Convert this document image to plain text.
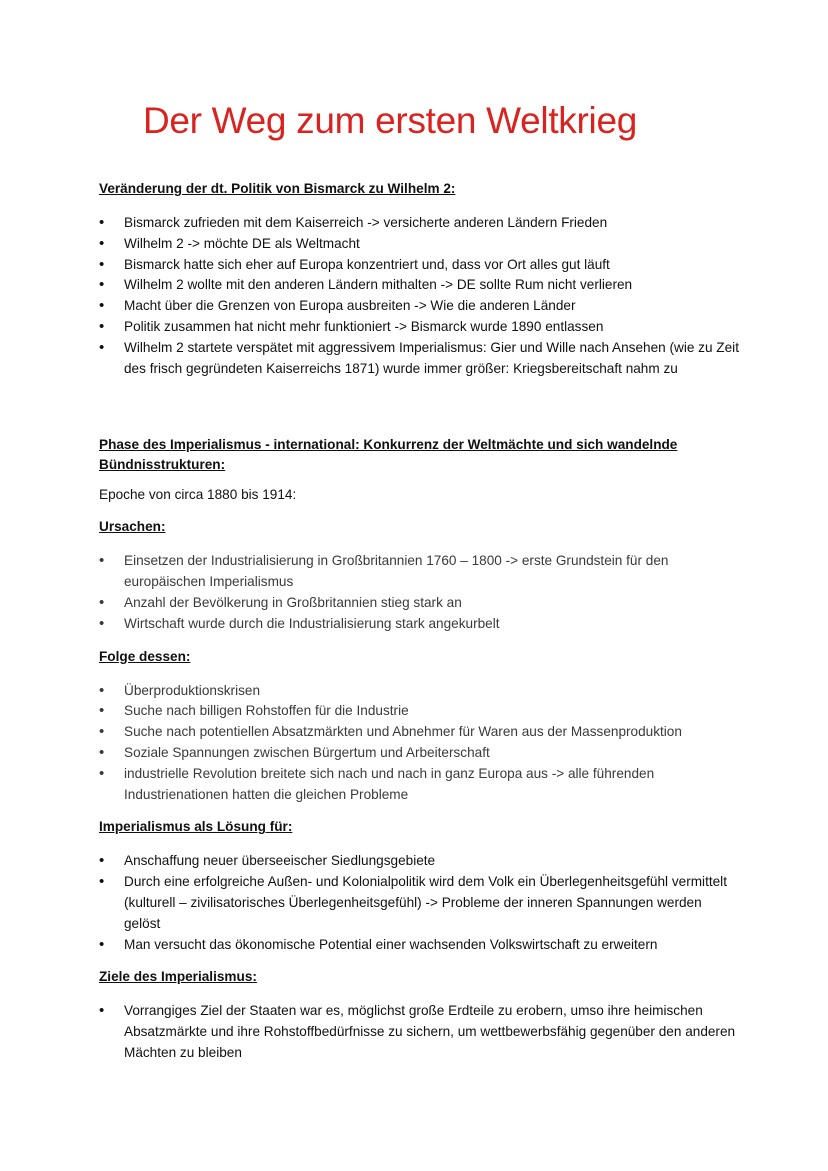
Der Weg zum ersten Weltkrieg
Veränderung der dt. Politik von Bismarck zu Wilhelm 2:
• Bismarck zufrieden mit dem Kaiserreich -> versicherte anderen Ländern Frieden
• Wilhelm 2 -> möchte DE als Weltmacht
• Bismarck hatte sich eher auf Europa konzentriert und, dass vor Ort alles gut läuft
• Wilhelm 2 wollte mit den anderen Ländern mithalten -> DE sollte Rum nicht verlieren
• Macht über die Grenzen von Europa ausbreiten -> Wie die anderen Länder
• Politik zusammen hat nicht mehr funktioniert -> Bismarck wurde 1890 entlassen
• Wilhelm 2 startete verspätet mit aggressivem Imperialismus: Gier und Wille nach Ansehen (wie zu Zeit des frisch gegründeten Kaiserreichs 1871) wurde immer größer: Kriegsbereitschaft nahm zu
Phase des Imperialismus - international: Konkurrenz der Weltmächte und sich wandelnde Bündnisstrukturen:
Epoche von circa 1880 bis 1914:
Ursachen:
• Einsetzen der Industrialisierung in Großbritannien 1760 – 1800 -> erste Grundstein für den europäischen Imperialismus
• Anzahl der Bevölkerung in Großbritannien stieg stark an
• Wirtschaft wurde durch die Industrialisierung stark angekurbelt
Folge dessen:
• Überproduktionskrisen
• Suche nach billigen Rohstoffen für die Industrie
• Suche nach potentiellen Absatzmärkten und Abnehmer für Waren aus der Massenproduktion
• Soziale Spannungen zwischen Bürgertum und Arbeiterschaft
• industrielle Revolution breitete sich nach und nach in ganz Europa aus -> alle führenden Industrienationen hatten die gleichen Probleme
Imperialismus als Lösung für:
• Anschaffung neuer überseeischer Siedlungsgebiete
• Durch eine erfolgreiche Außen- und Kolonialpolitik wird dem Volk ein Überlegenheitsgefühl vermittelt (kulturell – zivilisatorisches Überlegenheitsgefühl) -> Probleme der inneren Spannungen werden gelöst
• Man versucht das ökonomische Potential einer wachsenden Volkswirtschaft zu erweitern
Ziele des Imperialismus:
• Vorrangiges Ziel der Staaten war es, möglichst große Erdteile zu erobern, umso ihre heimischen Absatzmärkte und ihre Rohstoffbedürfnisse zu sichern, um wettbewerbsfähig gegenüber den anderen Mächten zu bleiben
